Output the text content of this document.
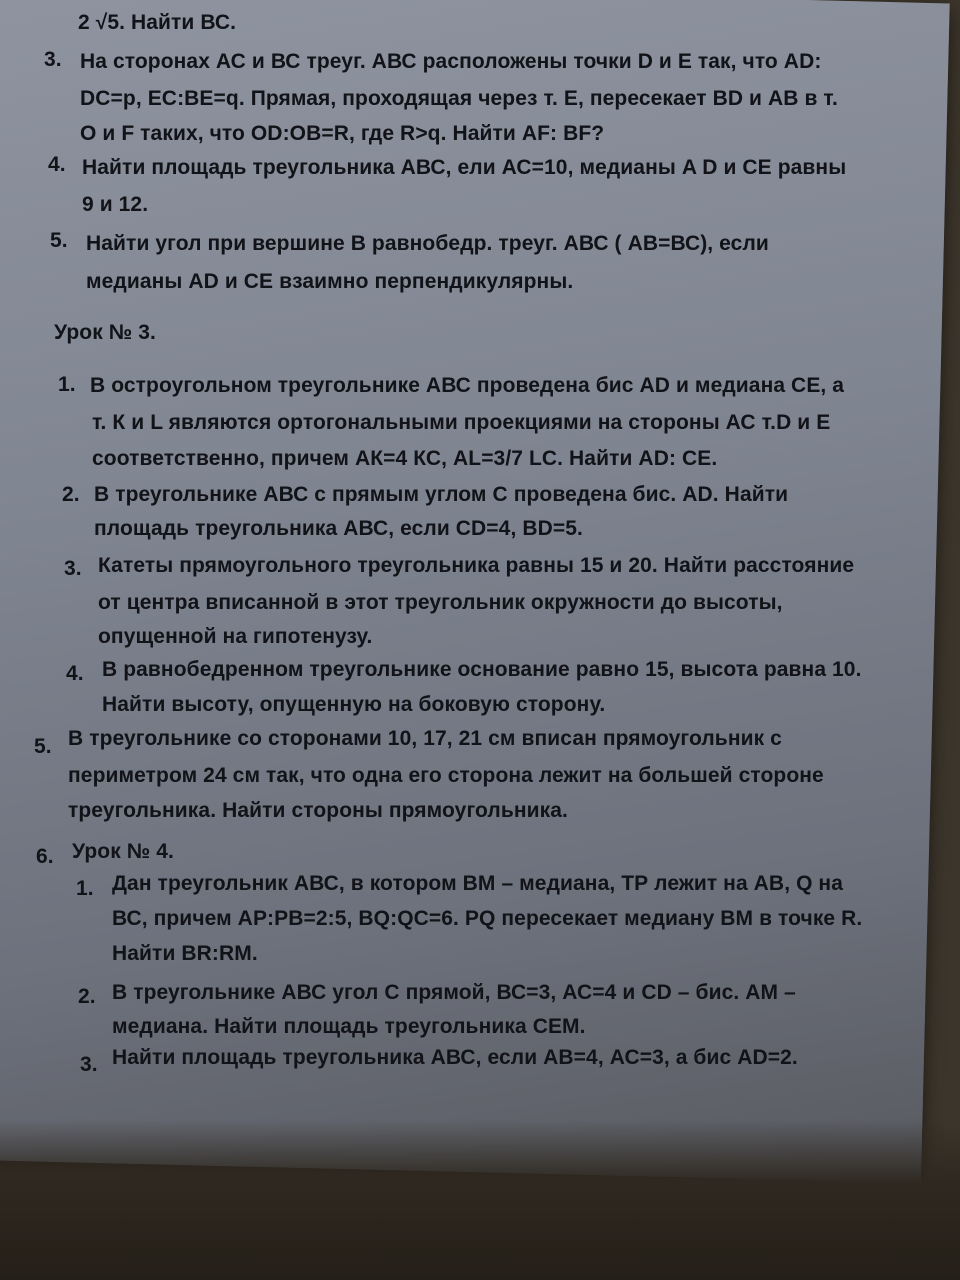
2 √5. Найти ВС.
3. На сторонах АС и ВС треуг. АВС расположены точки D и E так, что AD:
DC=p, EC:BE=q. Прямая, проходящая через т. E, пересекает BD и AB в т.
O и F таких, что OD:OB=R, где R>q. Найти AF: BF?
4. Найти площадь треугольника АВС, ели АС=10, медианы A D и СЕ равны
9 и 12.
5. Найти угол при вершине В равнобедр. треуг. АВС ( АВ=ВС), если
медианы AD и СЕ взаимно перпендикулярны.
Урок № 3.
1. В остроугольном треугольнике АВС проведена бис AD и медиана СЕ, а
т. К и L являются ортогональными проекциями на стороны АС т.D и Е
соответственно, причем АК=4 КС, AL=3/7 LC. Найти AD: CE.
2. В треугольнике АВС с прямым углом С проведена бис. AD. Найти
площадь треугольника АВС, если CD=4, BD=5.
3. Катеты прямоугольного треугольника равны 15 и 20. Найти расстояние
от центра вписанной в этот треугольник окружности до высоты,
опущенной на гипотенузу.
4. В равнобедренном треугольнике основание равно 15, высота равна 10.
Найти высоту, опущенную на боковую сторону.
5. В треугольнике со сторонами 10, 17, 21 см вписан прямоугольник с
периметром 24 см так, что одна его сторона лежит на большей стороне
треугольника. Найти стороны прямоугольника.
6. Урок № 4.
1. Дан треугольник АВС, в котором ВМ – медиана, ТР лежит на АВ, Q на
ВС, причем AP:PB=2:5, BQ:QC=6. PQ пересекает медиану ВМ в точке R.
Найти BR:RM.
2. В треугольнике АВС угол С прямой, ВС=3, АС=4 и CD – бис. AM –
медиана. Найти площадь треугольника СЕМ.
3. Найти площадь треугольника АВС, если АВ=4, АС=3, а бис AD=2.
